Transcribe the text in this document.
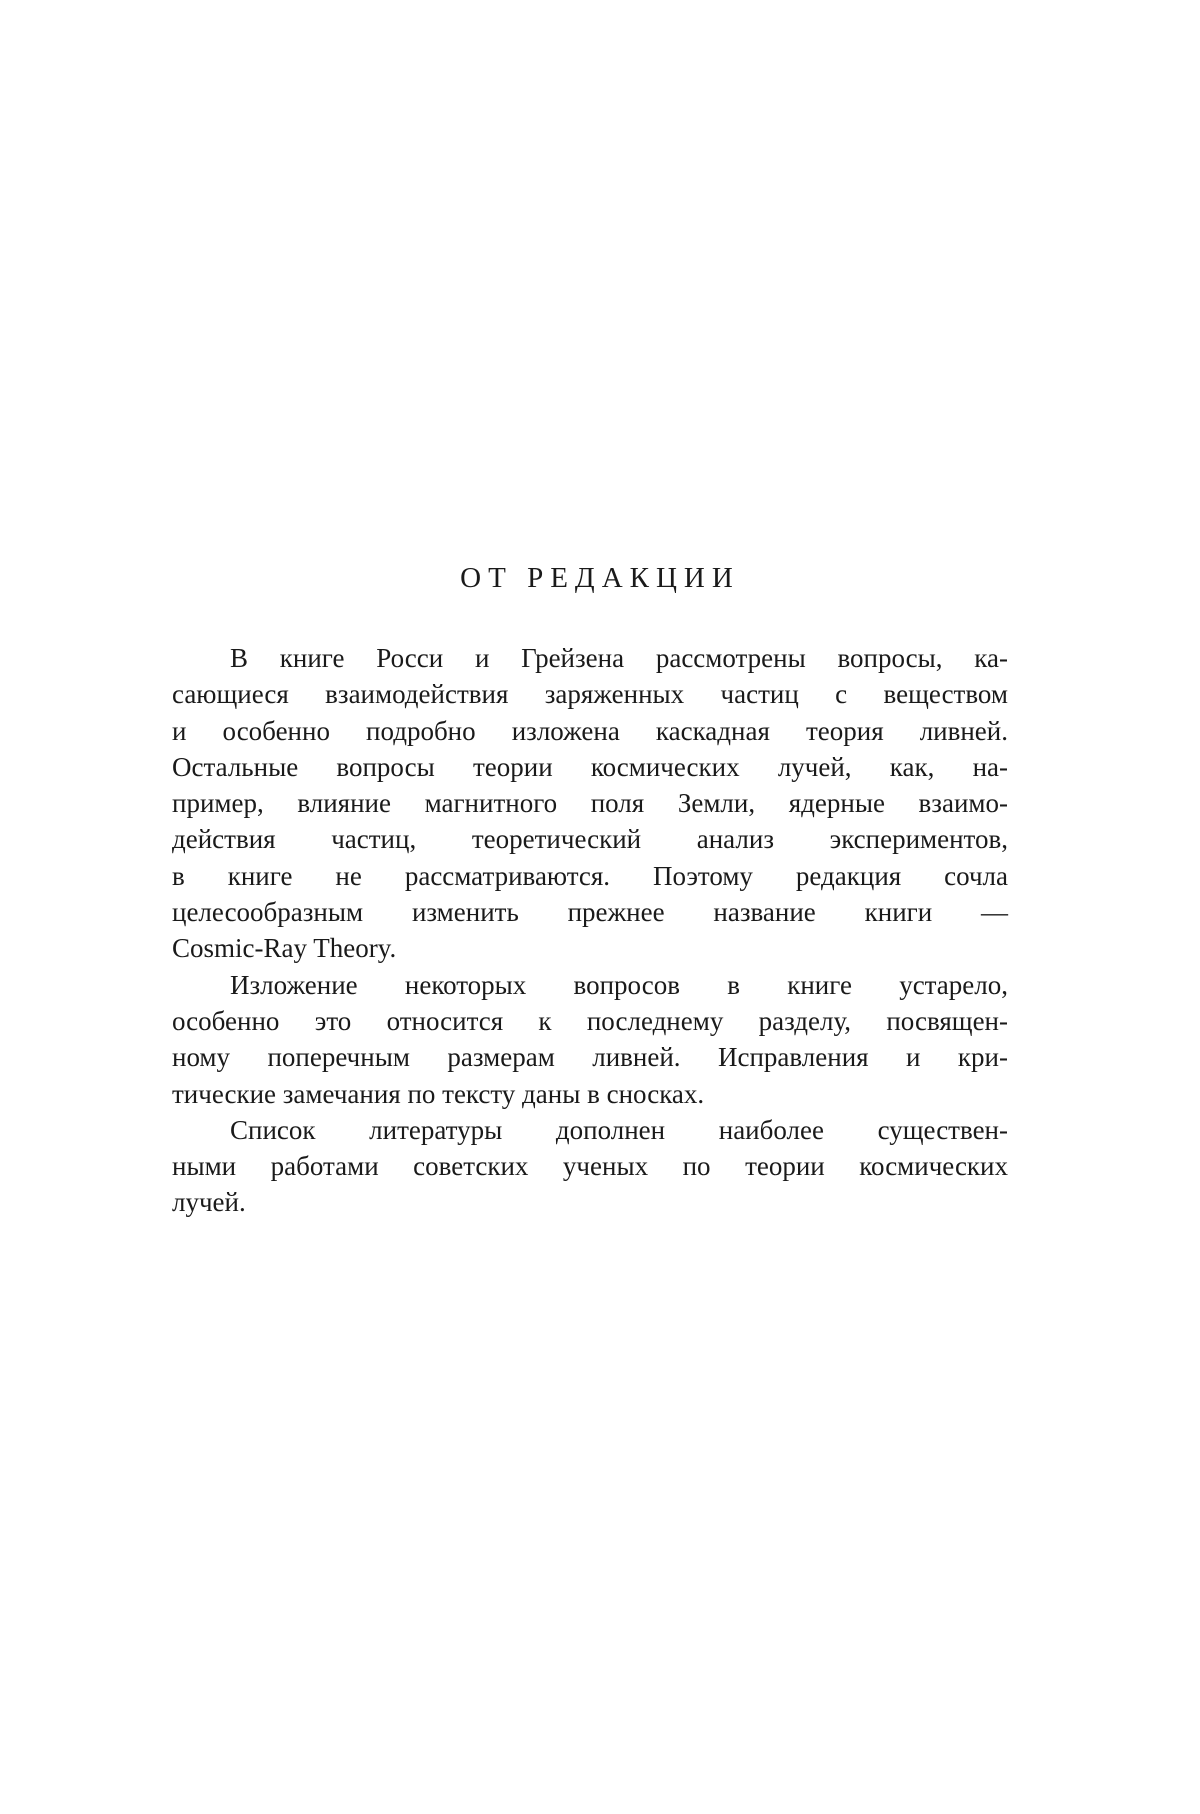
ОТ РЕДАКЦИИ

В книге Росси и Грейзена рассмотрены вопросы, ка-
сающиеся взаимодействия заряженных частиц с веществом
и особенно подробно изложена каскадная теория ливней.
Остальные вопросы теории космических лучей, как, на-
пример, влияние магнитного поля Земли, ядерные взаимо-
действия частиц, теоретический анализ экспериментов,
в книге не рассматриваются. Поэтому редакция сочла
целесообразным изменить прежнее название книги —
Cosmic-Ray Theory.

Изложение некоторых вопросов в книге устарело,
особенно это относится к последнему разделу, посвящен-
ному поперечным размерам ливней. Исправления и кри-
тические замечания по тексту даны в сносках.

Список литературы дополнен наиболее существен-
ными работами советских ученых по теории космических
лучей.
